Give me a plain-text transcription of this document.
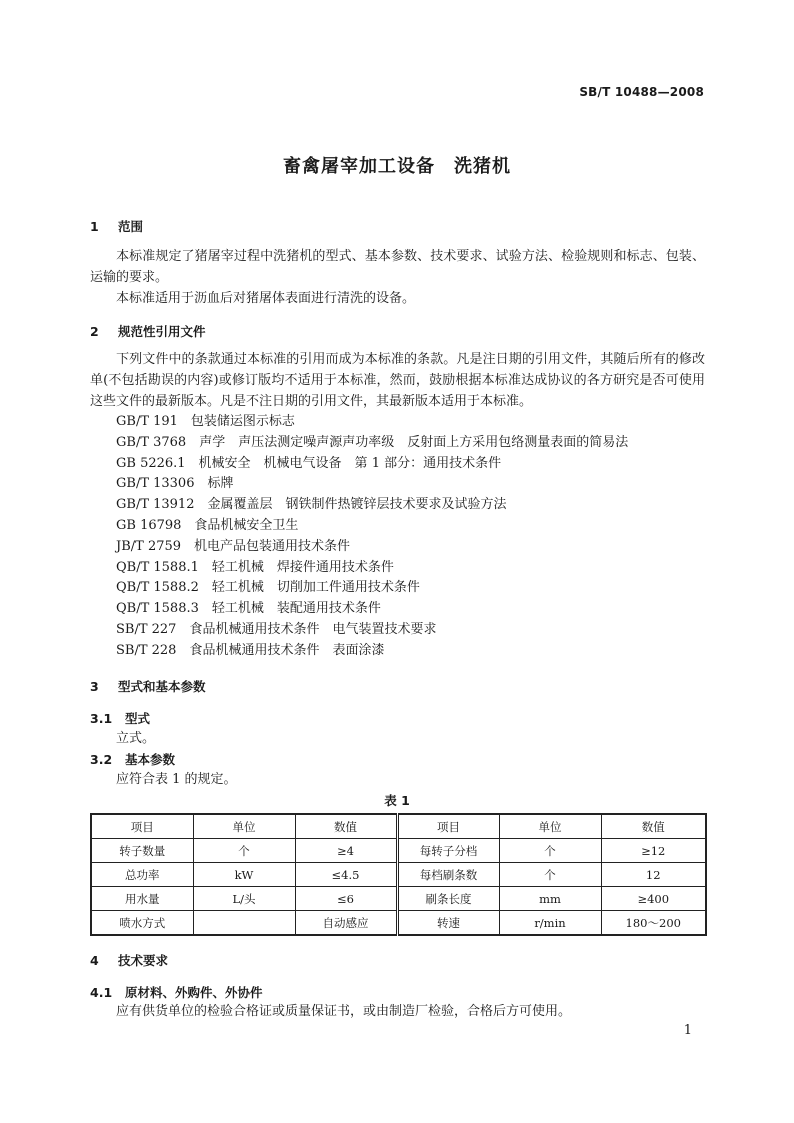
SB/T 10488—2008
畜禽屠宰加工设备　洗猪机
1 范围
本标准规定了猪屠宰过程中洗猪机的型式、基本参数、技术要求、试验方法、检验规则和标志、包装、运输的要求。
本标准适用于沥血后对猪屠体表面进行清洗的设备。
2 规范性引用文件
下列文件中的条款通过本标准的引用而成为本标准的条款。凡是注日期的引用文件，其随后所有的修改单(不包括勘误的内容)或修订版均不适用于本标准，然而，鼓励根据本标准达成协议的各方研究是否可使用这些文件的最新版本。凡是不注日期的引用文件，其最新版本适用于本标准。
GB/T 191　包装储运图示标志
GB/T 3768　声学　声压法测定噪声源声功率级　反射面上方采用包络测量表面的简易法
GB 5226.1　机械安全　机械电气设备　第 1 部分：通用技术条件
GB/T 13306　标牌
GB/T 13912　金属覆盖层　钢铁制件热镀锌层技术要求及试验方法
GB 16798　食品机械安全卫生
JB/T 2759　机电产品包装通用技术条件
QB/T 1588.1　轻工机械　焊接件通用技术条件
QB/T 1588.2　轻工机械　切削加工件通用技术条件
QB/T 1588.3　轻工机械　装配通用技术条件
SB/T 227　食品机械通用技术条件　电气装置技术要求
SB/T 228　食品机械通用技术条件　表面涂漆
3 型式和基本参数
3.1 型式
立式。
3.2 基本参数
应符合表 1 的规定。
表 1
项目	单位	数值	项目	单位	数值
转子数量	个	≥4	每转子分档	个	≥12
总功率	kW	≤4.5	每档刷条数	个	12
用水量	L/头	≤6	刷条长度	mm	≥400
喷水方式		自动感应	转速	r/min	180～200
4 技术要求
4.1 原材料、外购件、外协件
应有供货单位的检验合格证或质量保证书，或由制造厂检验，合格后方可使用。
1
